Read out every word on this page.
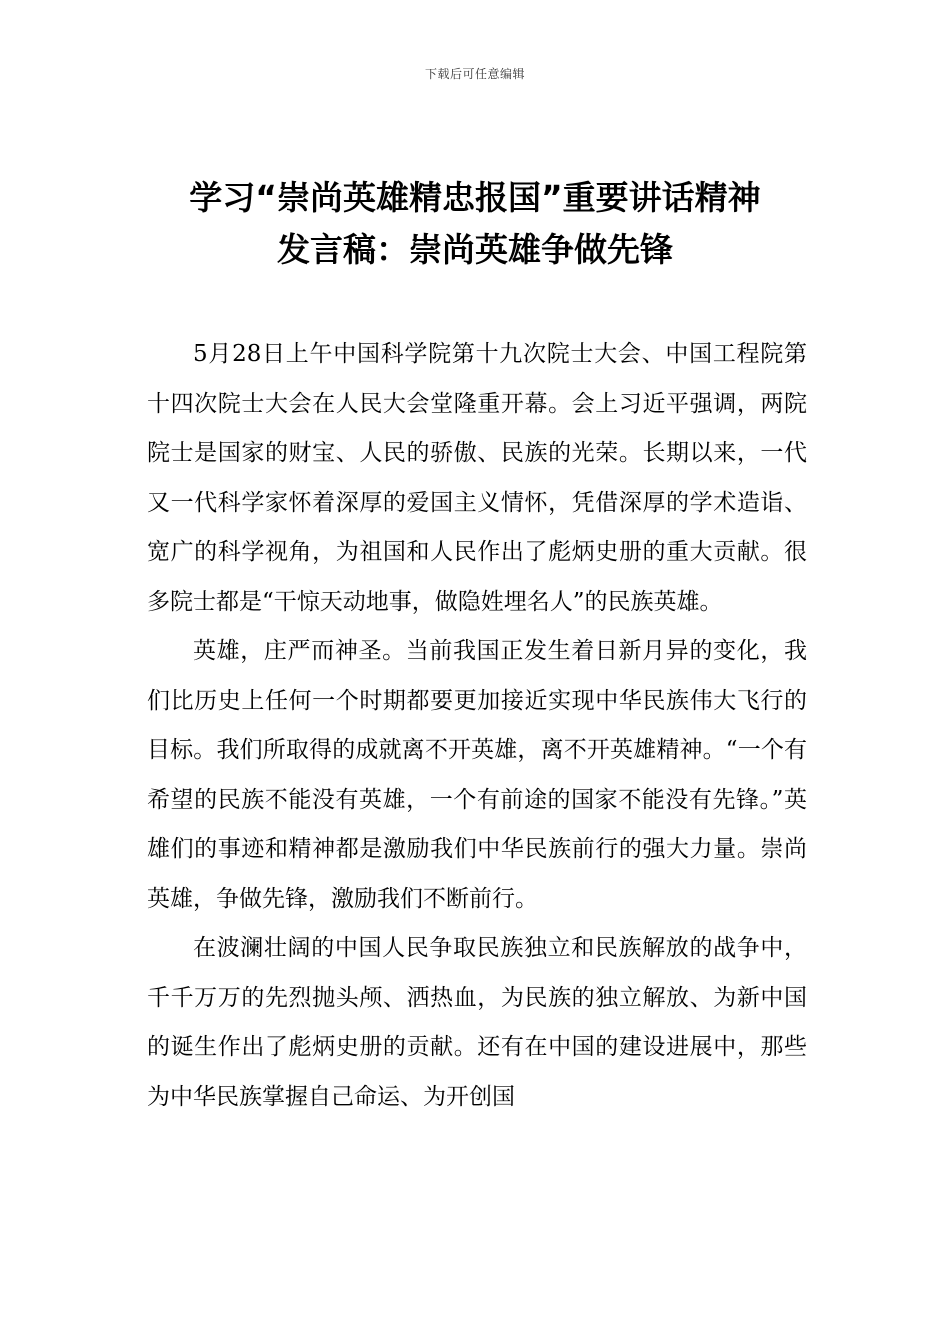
下载后可任意编辑
学习“崇尚英雄精忠报国”重要讲话精神
发言稿：崇尚英雄争做先锋

5月28日上午中国科学院第十九次院士大会、中国工程院第十四次院士大会在人民大会堂隆重开幕。会上习近平强调，两院院士是国家的财宝、人民的骄傲、民族的光荣。长期以来，一代又一代科学家怀着深厚的爱国主义情怀，凭借深厚的学术造诣、宽广的科学视角，为祖国和人民作出了彪炳史册的重大贡献。很多院士都是“干惊天动地事，做隐姓埋名人”的民族英雄。

英雄，庄严而神圣。当前我国正发生着日新月异的变化，我们比历史上任何一个时期都要更加接近实现中华民族伟大飞行的目标。我们所取得的成就离不开英雄，离不开英雄精神。“一个有希望的民族不能没有英雄，一个有前途的国家不能没有先锋。”英雄们的事迹和精神都是激励我们中华民族前行的强大力量。崇尚英雄，争做先锋，激励我们不断前行。

在波澜壮阔的中国人民争取民族独立和民族解放的战争中，千千万万的先烈抛头颅、洒热血，为民族的独立解放、为新中国的诞生作出了彪炳史册的贡献。还有在中国的建设进展中，那些为中华民族掌握自己命运、为开创国
